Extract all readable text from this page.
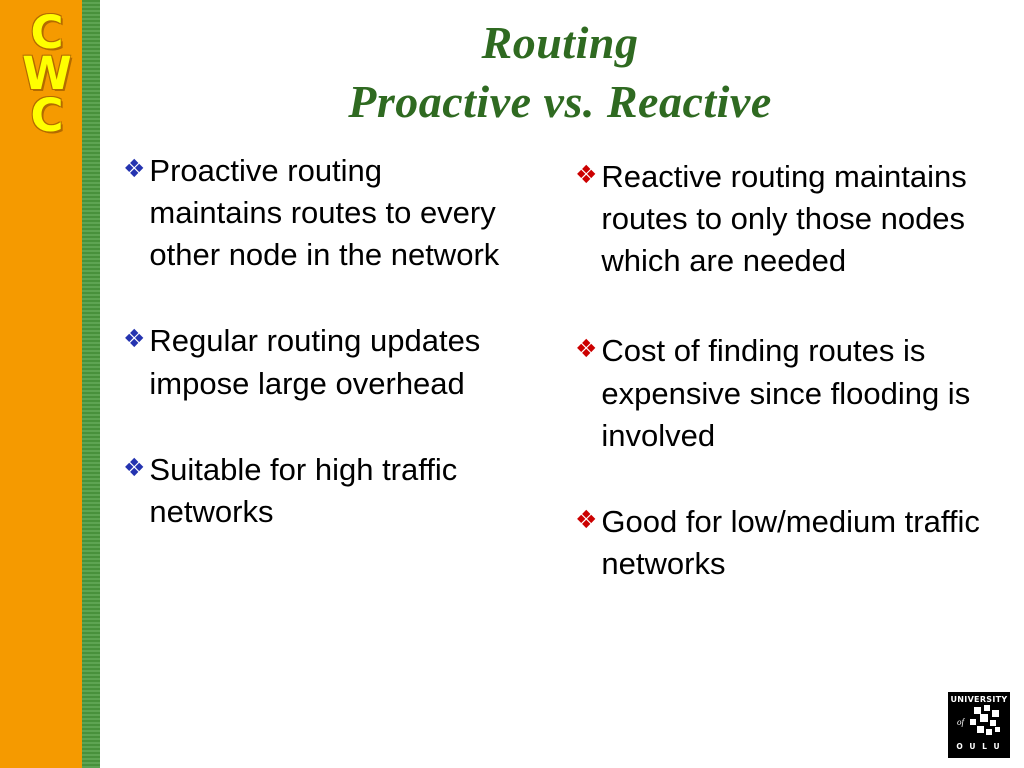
C
W
C
Routing
Proactive vs. Reactive
❖ Proactive routing maintains routes to every other node in the network
❖ Regular routing updates impose large overhead
❖ Suitable for high traffic networks
❖ Reactive routing maintains routes to only those nodes which are needed
❖ Cost of finding routes is expensive since flooding is involved
❖ Good for low/medium traffic networks
UNIVERSITY
of
O U L U
